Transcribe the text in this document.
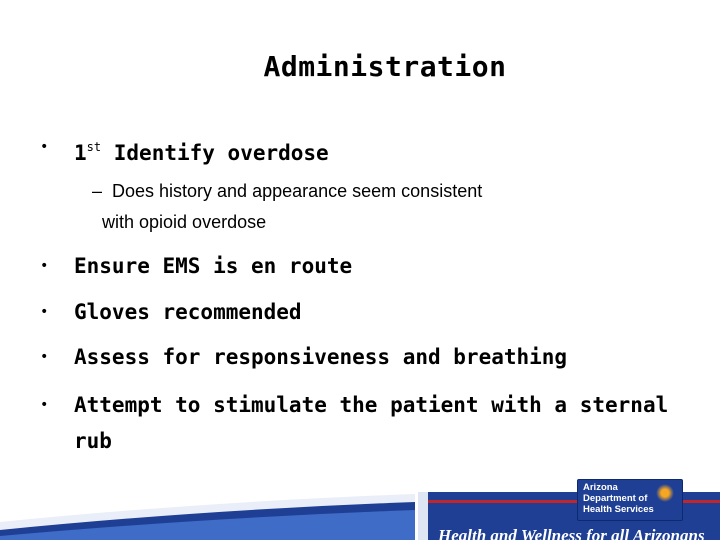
Administration
•	1st Identify overdose
– Does history and appearance seem consistent
with opioid overdose
•	Ensure EMS is en route
•	Gloves recommended
•	Assess for responsiveness and breathing
•	Attempt to stimulate the patient with a sternal
rub
Arizona
Department of
Health Services
Health and Wellness for all Arizonans
